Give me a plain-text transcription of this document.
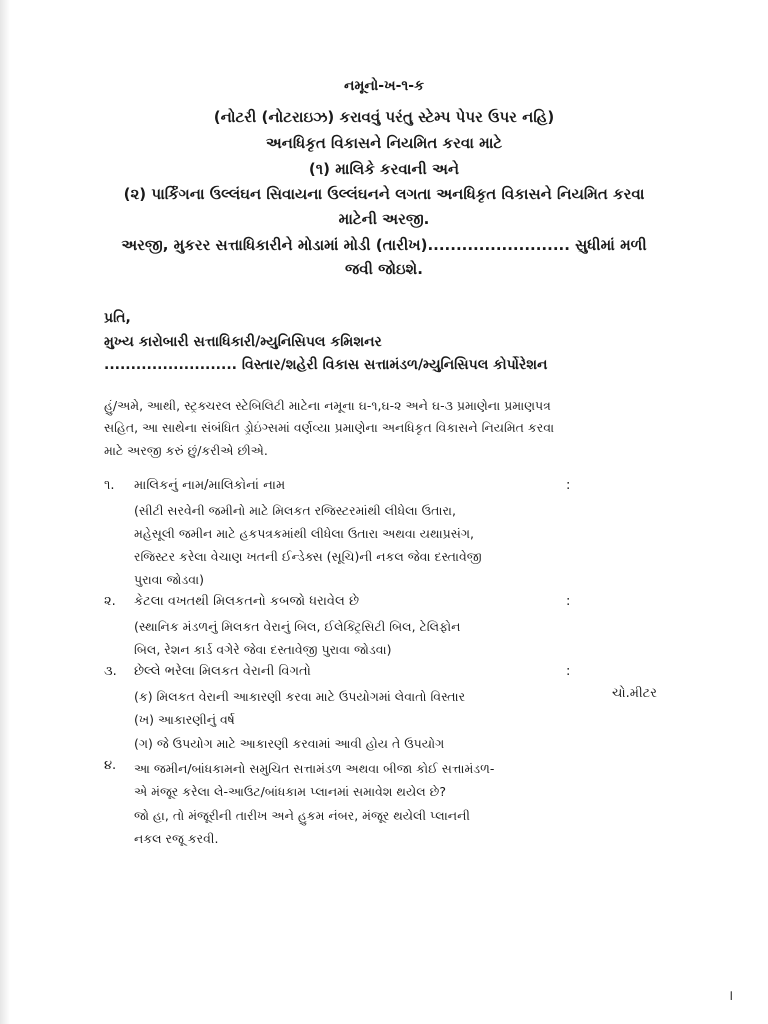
નમૂનો-ખ-૧-ક
(નોટરી (નોટરાઇઝ) કરાવવું પરંતુ સ્ટેમ્પ પેપર ઉપર નહિ)
અનધિકૃત વિકાસને નિયમિત કરવા માટે
(૧) માલિકે કરવાની અને
(૨) પાર્કિંગના ઉલ્લંઘન સિવાયના ઉલ્લંઘનને લગતા અનધિકૃત વિકાસને નિયમિત કરવા
માટેની અરજી.
અરજી, મુકરર સત્તાધિકારીને મોડામાં મોડી (તારીખ)......................... સુધીમાં મળી
જવી જોઇશે.
પ્રતિ,
મુખ્ય કારોબારી સત્તાધિકારી/મ્યુનિસિપલ કમિશનર
......................... વિસ્તાર/શહેરી વિકાસ સત્તામંડળ/મ્યુનિસિપલ કોર્પોરેશન
હું/અમે, આથી, સ્ટ્રક્ચરલ સ્ટેબિલિટી માટેના નમૂના ઘ-૧,ઘ-૨ અને ઘ-૩ પ્રમાણેના પ્રમાણપત્ર
સહિત, આ સાથેના સંબંધિત ડ્રોઇંગ્સમાં વર્ણવ્યા પ્રમાણેના અનધિકૃત વિકાસને નિયમિત કરવા
માટે અરજી કરું છું/કરીએ છીએ.
૧. માલિકનું નામ/માલિકોનાં નામ	:
(સીટી સરવેની જમીનો માટે મિલકત રજિસ્ટરમાંથી લીધેલા ઉતારા,
મહેસૂલી જમીન માટે હકપત્રકમાંથી લીધેલા ઉતારા અથવા યથાપ્રસંગ,
રજિસ્ટર કરેલા વેચાણ ખતની ઈન્ડેક્સ (સૂચિ)ની નકલ જેવા દસ્તાવેજી
પુરાવા જોડવા)
૨. કેટલા વખતથી મિલકતનો કબજો ધરાવેલ છે	:
(સ્થાનિક મંડળનું મિલકત વેરાનું બિલ, ઈલેક્ટ્રિસિટી બિલ, ટેલિફોન
બિલ, રેશન કાર્ડ વગેરે જેવા દસ્તાવેજી પુરાવા જોડવા)
૩. છેલ્લે ભરેલા મિલકત વેરાની વિગતો	:
(ક) મિલકત વેરાની આકારણી કરવા માટે ઉપયોગમાં લેવાતો વિસ્તાર	ચો.મીટર
(ખ) આકારણીનું વર્ષ
(ગ) જે ઉપયોગ માટે આકારણી કરવામાં આવી હોય તે ઉપયોગ
૪. આ જમીન/બાંધકામનો સમુચિત સત્તામંડળ અથવા બીજા કોઈ સત્તામંડળ-
એ મંજૂર કરેલા લે-આઉટ/બાંધકામ પ્લાનમાં સમાવેશ થયેલ છે?
જો હા, તો મંજૂરીની તારીખ અને હુકમ નંબર, મંજૂર થયેલી પ્લાનની
નકલ રજૂ કરવી.
।
